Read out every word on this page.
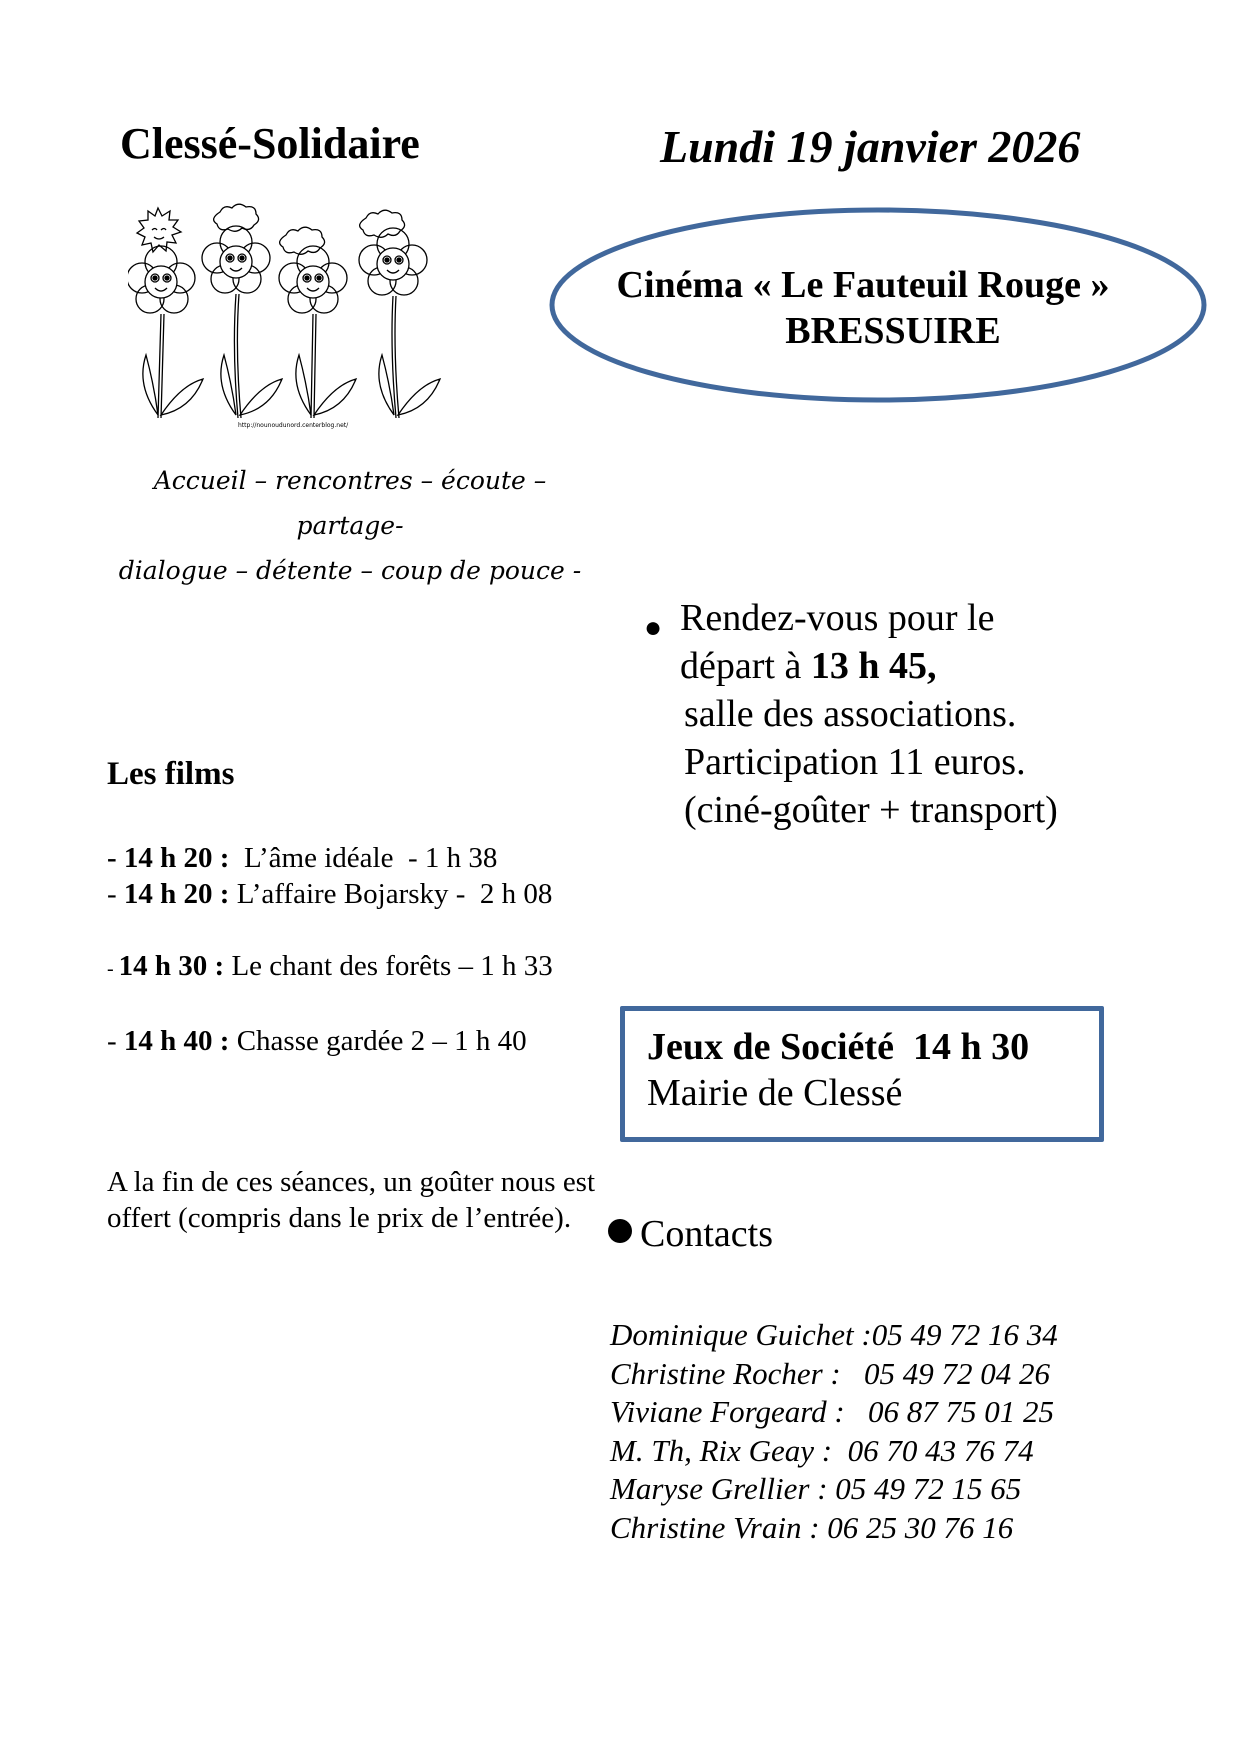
Clessé-Solidaire	Lundi 19 janvier 2026
http://nounoudunord.centerblog.net/
Accueil – rencontres – écoute – partage-
dialogue – détente – coup de pouce -
Cinéma « Le Fauteuil Rouge »
BRESSUIRE
● Rendez-vous pour le
départ à 13 h 45,
salle des associations.
Participation 11 euros.
(ciné-goûter + transport)
Les films
- 14 h 20 :  L’âme idéale  - 1 h 38
- 14 h 20 : L’affaire Bojarsky -  2 h 08
- 14 h 30 : Le chant des forêts – 1 h 33
- 14 h 40 : Chasse gardée 2 – 1 h 40
A la fin de ces séances, un goûter nous est offert (compris dans le prix de l’entrée).
Jeux de Société  14 h 30
Mairie de Clessé
Contacts
Dominique Guichet :05 49 72 16 34
Christine Rocher :   05 49 72 04 26
Viviane Forgeard :   06 87 75 01 25
M. Th, Rix Geay :  06 70 43 76 74
Maryse Grellier : 05 49 72 15 65
Christine Vrain : 06 25 30 76 16
